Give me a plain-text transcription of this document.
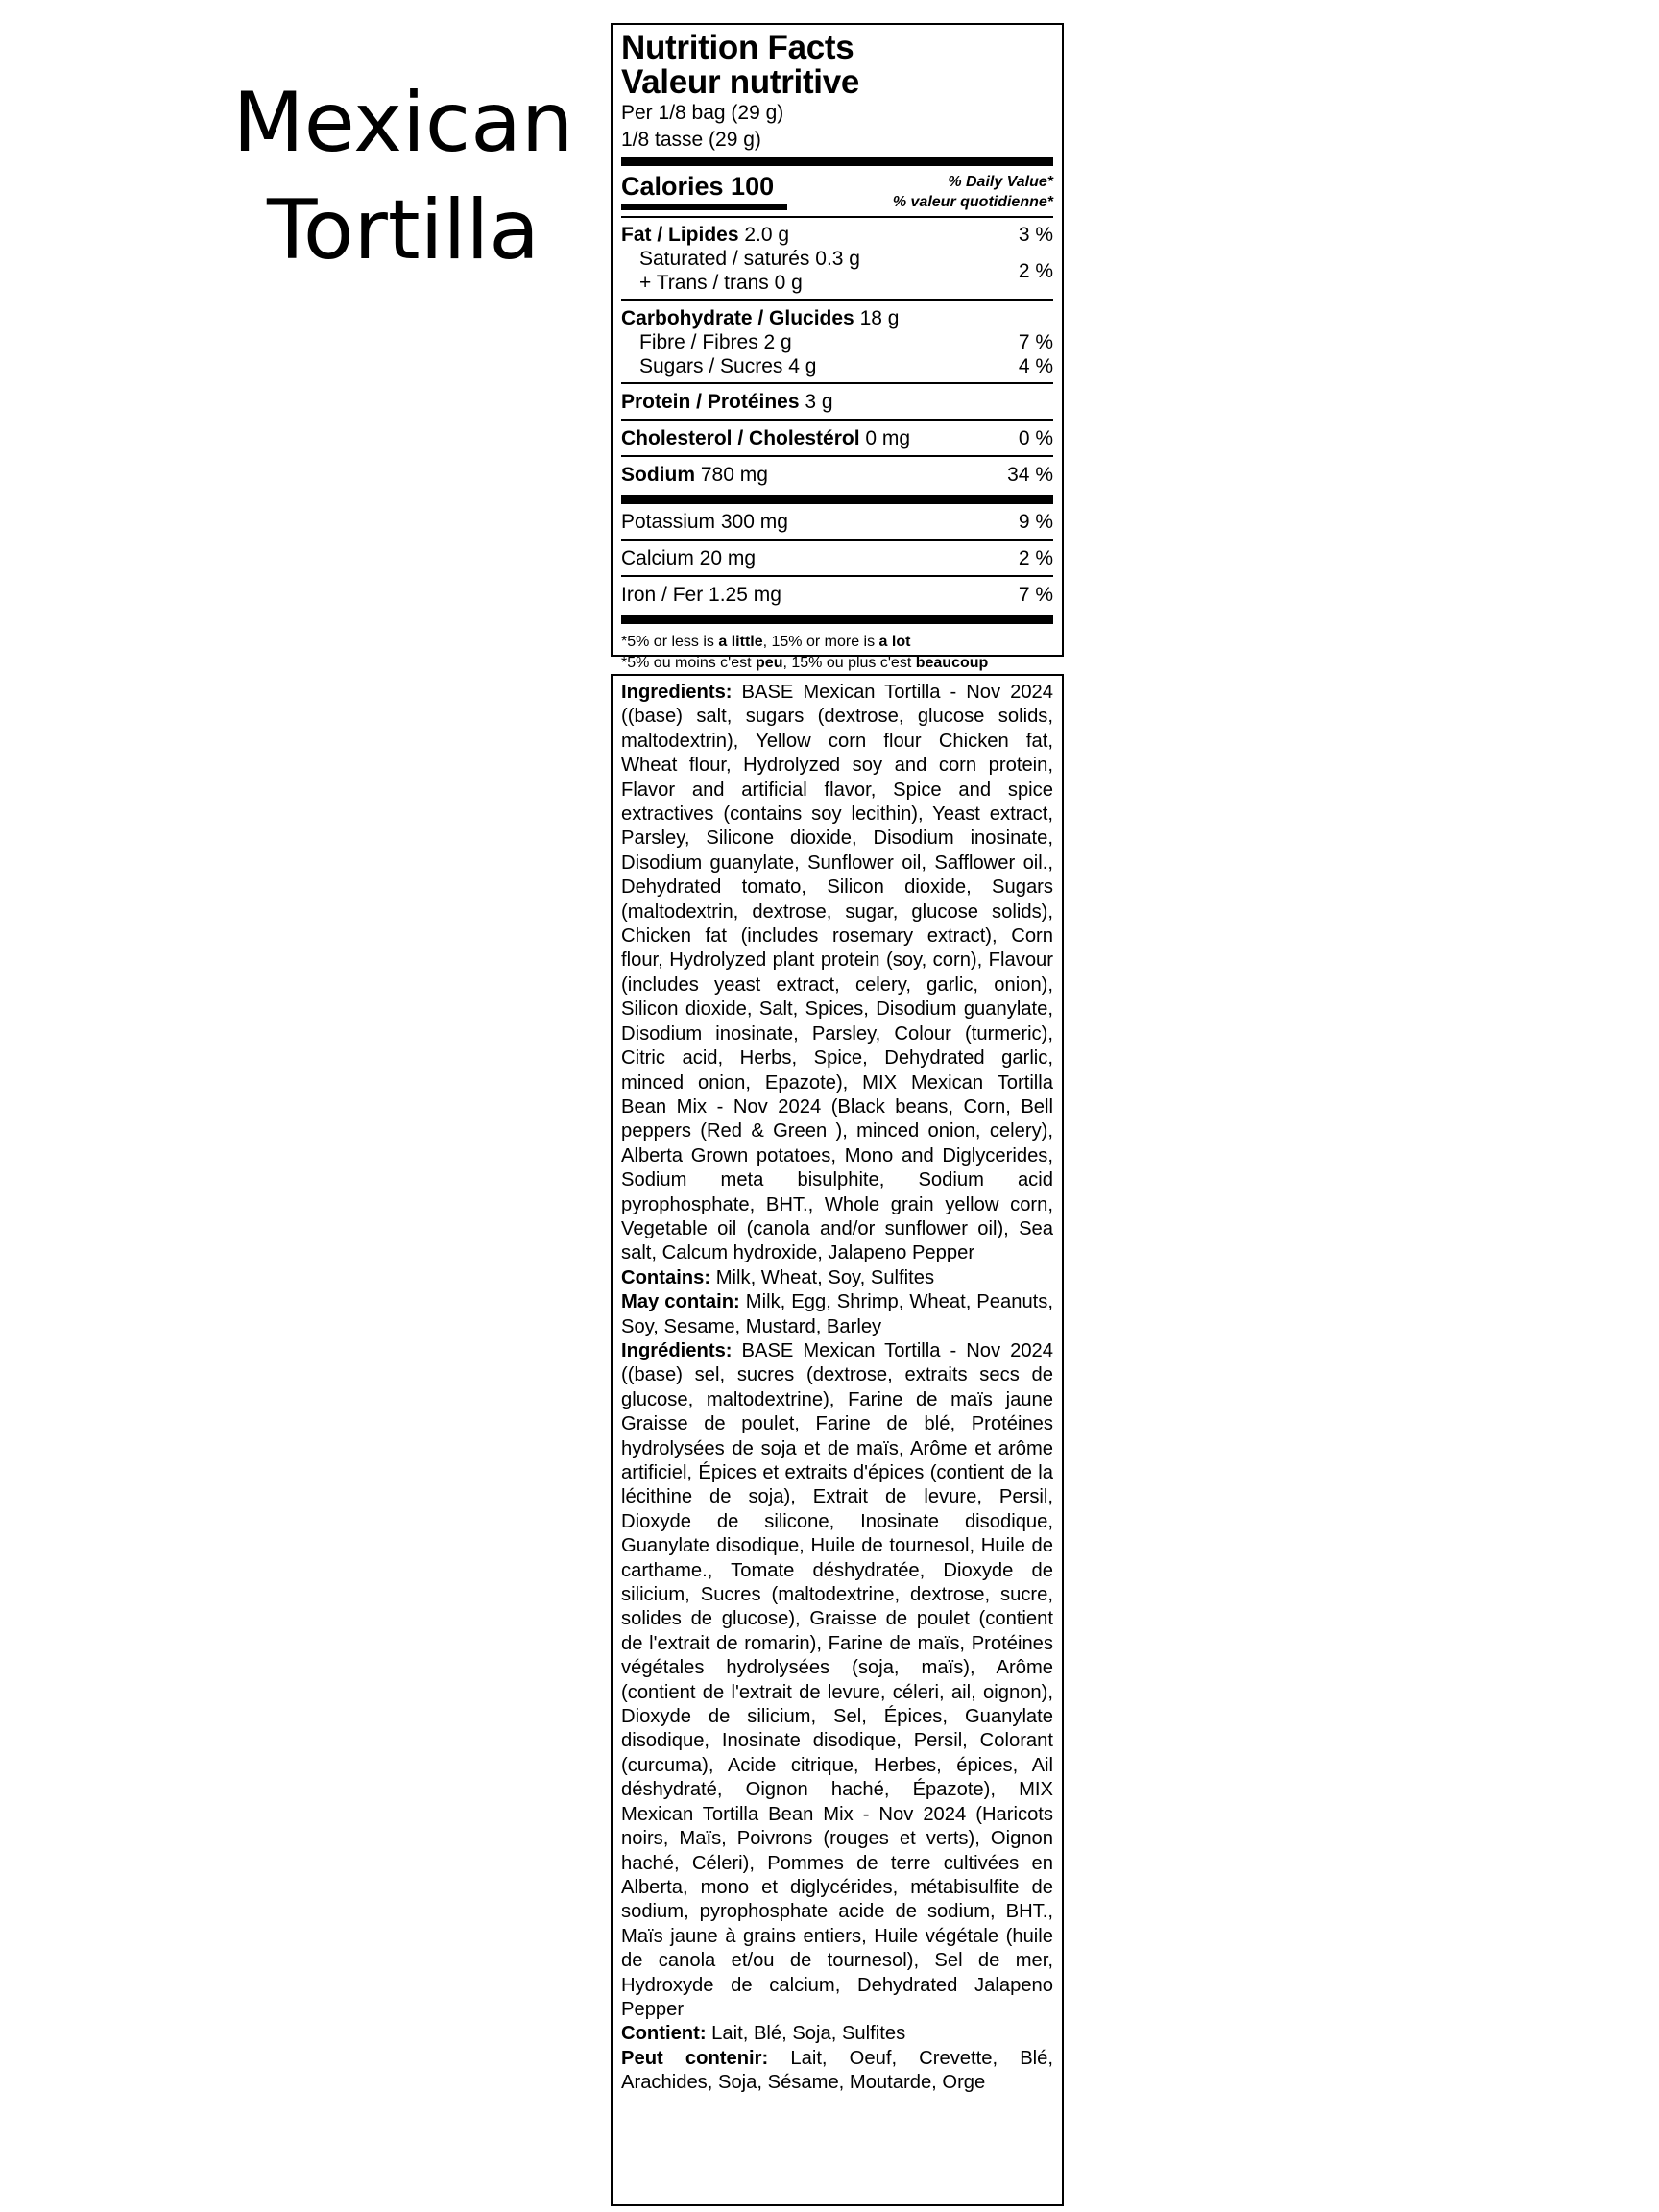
Mexican
Tortilla
Nutrition Facts
Valeur nutritive
Per 1/8 bag (29 g)
1/8 tasse (29 g)
Calories 100	% Daily Value*
% valeur quotidienne*
Fat / Lipides 2.0 g	3 %
Saturated / saturés 0.3 g
+ Trans / trans 0 g
2 %
Carbohydrate / Glucides 18 g
Fibre / Fibres 2 g	7 %
Sugars / Sucres 4 g	4 %
Protein / Protéines 3 g
Cholesterol / Cholestérol 0 mg	0 %
Sodium 780 mg	34 %
Potassium 300 mg	9 %
Calcium 20 mg	2 %
Iron / Fer 1.25 mg	7 %
*5% or less is a little, 15% or more is a lot
*5% ou moins c'est peu, 15% ou plus c'est beaucoup

Ingredients: BASE Mexican Tortilla - Nov 2024 ((base) salt, sugars (dextrose, glucose solids, maltodextrin), Yellow corn flour Chicken fat, Wheat flour, Hydrolyzed soy and corn protein, Flavor and artificial flavor, Spice and spice extractives (contains soy lecithin), Yeast extract, Parsley, Silicone dioxide, Disodium inosinate, Disodium guanylate, Sunflower oil, Safflower oil., Dehydrated tomato, Silicon dioxide, Sugars (maltodextrin, dextrose, sugar, glucose solids), Chicken fat (includes rosemary extract), Corn flour, Hydrolyzed plant protein (soy, corn), Flavour (includes yeast extract, celery, garlic, onion), Silicon dioxide, Salt, Spices, Disodium guanylate, Disodium inosinate, Parsley, Colour (turmeric), Citric acid, Herbs, Spice, Dehydrated garlic, minced onion, Epazote), MIX Mexican Tortilla Bean Mix - Nov 2024 (Black beans, Corn, Bell peppers (Red & Green ), minced onion, celery), Alberta Grown potatoes, Mono and Diglycerides, Sodium meta bisulphite, Sodium acid pyrophosphate, BHT., Whole grain yellow corn, Vegetable oil (canola and/or sunflower oil), Sea salt, Calcum hydroxide, Jalapeno Pepper

Contains: Milk, Wheat, Soy, Sulfites

May contain: Milk, Egg, Shrimp, Wheat, Peanuts, Soy, Sesame, Mustard, Barley

Ingrédients: BASE Mexican Tortilla - Nov 2024 ((base) sel, sucres (dextrose, extraits secs de glucose, maltodextrine), Farine de maïs jaune Graisse de poulet, Farine de blé, Protéines hydrolysées de soja et de maïs, Arôme et arôme artificiel, Épices et extraits d'épices (contient de la lécithine de soja), Extrait de levure, Persil, Dioxyde de silicone, Inosinate disodique, Guanylate disodique, Huile de tournesol, Huile de carthame., Tomate déshydratée, Dioxyde de silicium, Sucres (maltodextrine, dextrose, sucre, solides de glucose), Graisse de poulet (contient de l'extrait de romarin), Farine de maïs, Protéines végétales hydrolysées (soja, maïs), Arôme (contient de l'extrait de levure, céleri, ail, oignon), Dioxyde de silicium, Sel, Épices, Guanylate disodique, Inosinate disodique, Persil, Colorant (curcuma), Acide citrique, Herbes, épices, Ail déshydraté, Oignon haché, Épazote), MIX Mexican Tortilla Bean Mix - Nov 2024 (Haricots noirs, Maïs, Poivrons (rouges et verts), Oignon haché, Céleri), Pommes de terre cultivées en Alberta, mono et diglycérides, métabisulfite de sodium, pyrophosphate acide de sodium, BHT., Maïs jaune à grains entiers, Huile végétale (huile de canola et/ou de tournesol), Sel de mer, Hydroxyde de calcium, Dehydrated Jalapeno Pepper

Contient: Lait, Blé, Soja, Sulfites

Peut contenir: Lait, Oeuf, Crevette, Blé, Arachides, Soja, Sésame, Moutarde, Orge
